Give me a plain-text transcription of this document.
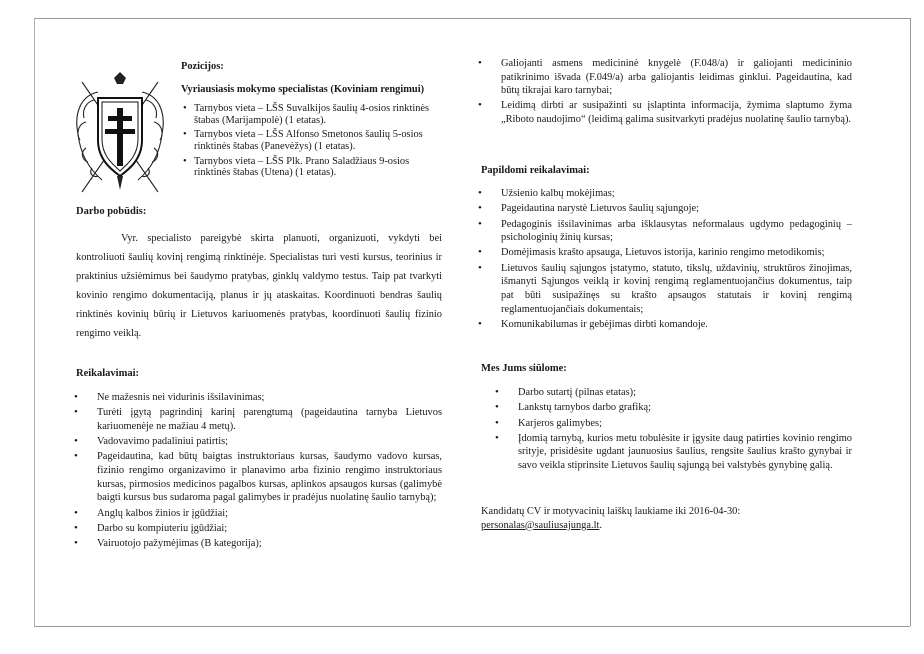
Pozicijos:
Vyriausiasis mokymo specialistas (Koviniam rengimui)
• Tarnybos vieta – LŠS Suvalkijos šaulių 4-osios rinktinės štabas (Marijampolė) (1 etatas).
• Tarnybos vieta – LŠS Alfonso Smetonos šaulių 5-osios rinktinės štabas (Panevėžys) (1 etatas).
• Tarnybos vieta – LŠS Plk. Prano Saladžiaus 9-osios rinktinės štabas (Utena) (1 etatas).
Darbo pobūdis:
Vyr. specialisto pareigybė skirta planuoti, organizuoti, vykdyti bei kontroliuoti šaulių kovinį rengimą rinktinėje. Specialistas turi vesti kursus, teorinius ir praktinius užsiėmimus bei šaudymo pratybas, ginklų valdymo testus. Taip pat tvarkyti kovinio rengimo dokumentaciją, planus ir jų ataskaitas. Koordinuoti bendras šaulių rinktinės kovinių būrių ir Lietuvos kariuomenės pratybas, koordinuoti šaulių fizinio rengimo veiklą.
Reikalavimai:
• Ne mažesnis nei vidurinis išsilavinimas;
• Turėti įgytą pagrindinį karinį parengtumą (pageidautina tarnyba Lietuvos kariuomenėje ne mažiau 4 metų).
• Vadovavimo padaliniui patirtis;
• Pageidautina, kad būtų baigtas instruktoriaus kursas, šaudymo vadovo kursas, fizinio rengimo organizavimo ir planavimo arba fizinio rengimo instruktoriaus kursas, pirmosios medicinos pagalbos kursas, aplinkos apsaugos kursas (galimybė baigti kursus bus sudaroma pagal galimybes ir pradėjus nuolatinę šaulio tarnybą);
• Anglų kalbos žinios ir įgūdžiai;
• Darbo su kompiuteriu įgūdžiai;
• Vairuotojo pažymėjimas (B kategorija);
• Galiojanti asmens medicininė knygelė (F.048/a) ir galiojanti medicininio patikrinimo išvada (F.049/a) arba galiojantis leidimas ginklui. Pageidautina, kad būtų tikrajai karo tarnybai;
• Leidimą dirbti ar susipažinti su įslaptinta informacija, žymima slaptumo žyma „Riboto naudojimo“ (leidimą galima susitvarkyti pradėjus nuolatinę šaulio tarnybą).
Papildomi reikalavimai:
• Užsienio kalbų mokėjimas;
• Pageidautina narystė Lietuvos šaulių sąjungoje;
• Pedagoginis išsilavinimas arba išklausytas neformalaus ugdymo pedagoginių – psichologinių žinių kursas;
• Domėjimasis krašto apsauga, Lietuvos istorija, karinio rengimo metodikomis;
• Lietuvos šaulių sąjungos įstatymo, statuto, tikslų, uždavinių, struktūros žinojimas, išmanyti Sąjungos veiklą ir kovinį rengimą reglamentuojančius dokumentus, taip pat būti susipažinęs su krašto apsaugos statutais ir kovinį rengimą reglamentuojančiais dokumentais;
• Komunikabilumas ir gebėjimas dirbti komandoje.
Mes Jums siūlome:
• Darbo sutartį (pilnas etatas);
• Lankstų tarnybos darbo grafiką;
• Karjeros galimybes;
• Įdomią tarnybą, kurios metu tobulėsite ir įgysite daug patirties kovinio rengimo srityje, prisidėsite ugdant jaunuosius šaulius, rengsite šaulius krašto gynybai ir savo veikla stiprinsite Lietuvos šaulių sąjungą bei valstybės gynybinę galią.
Kandidatų CV ir motyvacinių laiškų laukiame iki 2016-04-30:
personalas@sauliusajunga.lt.
